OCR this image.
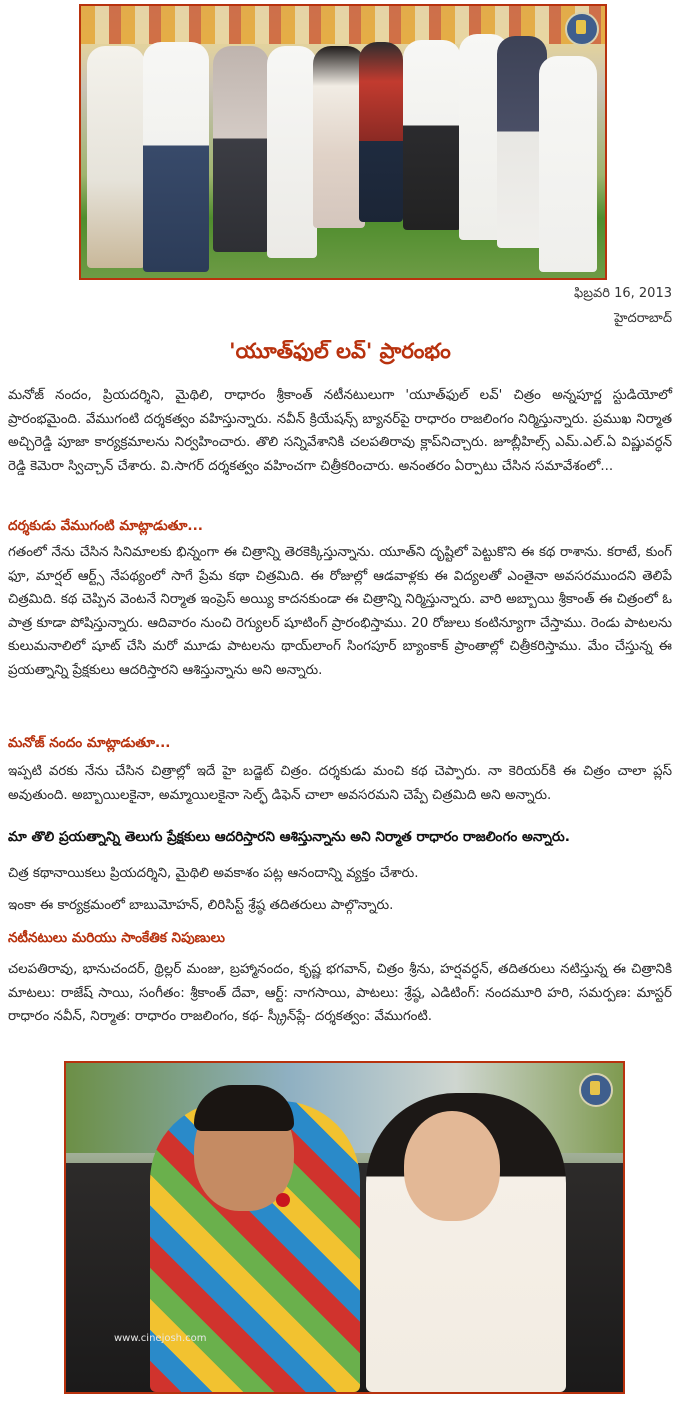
ఫిబ్రవరి 16, 2013
హైదరాబాద్
'యూత్‌ఫుల్ లవ్' ప్రారంభం

మనోజ్ నందం, ప్రియదర్శిని, మైథిలి, రాధారం శ్రీకాంత్ నటీనటులుగా 'యూత్‌ఫుల్ లవ్' చిత్రం అన్నపూర్ణ స్టుడియోలో ప్రారంభమైంది. వేముగంటి దర్శకత్వం వహిస్తున్నారు. నవీన్ క్రియేషన్స్ బ్యానర్‌పై రాధారం రాజలింగం నిర్మిస్తున్నారు. ప్రముఖ నిర్మాత అచ్చిరెడ్డి పూజా కార్యక్రమాలను నిర్వహించారు. తొలి సన్నివేశానికి చలపతిరావు క్లాప్‌నిచ్చారు. జూబ్లీహిల్స్ ఎమ్.ఎల్.ఏ విష్ణువర్ధన్ రెడ్డి కెమెరా స్విచ్చాన్ చేశారు. వి.సాగర్ దర్శకత్వం వహించగా చిత్రీకరించారు. అనంతరం ఏర్పాటు చేసిన సమావేశంలో...

దర్శకుడు వేముగంటి మాట్లాడుతూ...

గతంలో నేను చేసిన సినిమాలకు భిన్నంగా ఈ చిత్రాన్ని తెరకెక్కిస్తున్నాను. యూత్‌ని దృష్టిలో పెట్టుకొని ఈ కథ రాశాను. కరాటే, కుంగ్ ఫూ, మార్షల్ ఆర్ట్స్ నేపథ్యంలో సాగే ప్రేమ కథా చిత్రమిది. ఈ రోజుల్లో ఆడవాళ్లకు ఈ విద్యలతో ఎంతైనా అవసరముందని తెలిపే చిత్రమిది. కథ చెప్పిన వెంటనే నిర్మాత ఇంప్రెస్ అయ్యి కాదనకుండా ఈ చిత్రాన్ని నిర్మిస్తున్నారు. వారి అబ్బాయి శ్రీకాంత్ ఈ చిత్రంలో ఓ పాత్ర కూడా పోషిస్తున్నారు. ఆదివారం నుంచి రెగ్యులర్ షూటింగ్ ప్రారంభిస్తాము. 20 రోజులు కంటిన్యూగా చేస్తాము. రెండు పాటలను కులుమనాలిలో షూట్ చేసి మరో మూడు పాటలను థాయ్‌లాంగ్ సింగపూర్ బ్యాంకాక్ ప్రాంతాల్లో చిత్రీకరిస్తాము. మేం చేస్తున్న ఈ ప్రయత్నాన్ని ప్రేక్షకులు ఆదరిస్తారని ఆశిస్తున్నాను అని అన్నారు.

మనోజ్ నందం మాట్లాడుతూ...

ఇప్పటి వరకు నేను చేసిన చిత్రాల్లో ఇదే హై బడ్జెట్ చిత్రం. దర్శకుడు మంచి కథ చెప్పారు. నా కెరియర్‌కి ఈ చిత్రం చాలా ప్లస్ అవుతుంది. అబ్బాయిలకైనా, అమ్మాయిలకైనా సెల్ఫ్ డిఫెన్ చాలా అవసరమని చెప్పే చిత్రమిది అని అన్నారు.

మా తొలి ప్రయత్నాన్ని తెలుగు ప్రేక్షకులు ఆదరిస్తారని ఆశిస్తున్నాను అని నిర్మాత రాధారం రాజలింగం అన్నారు.

చిత్ర కథానాయికలు ప్రియదర్శిని, మైథిలి అవకాశం పట్ల ఆనందాన్ని వ్యక్తం చేశారు.

ఇంకా ఈ కార్యక్రమంలో బాబుమోహన్, లిరిసిస్ట్ శ్రేష్ఠ తదితరులు పాల్గొన్నారు.

నటీనటులు మరియు సాంకేతిక నిపుణులు

చలపతిరావు, భానుచందర్, థ్రిల్లర్ మంజు, బ్రహ్మానందం, కృష్ణ భగవాన్, చిత్రం శ్రీను, హర్షవర్ధన్, తదితరులు నటిస్తున్న ఈ చిత్రానికి మాటలు: రాజేష్ సాయి, సంగీతం: శ్రీకాంత్ దేవా, ఆర్ట్: నాగసాయి, పాటలు: శ్రేష్ఠ, ఎడిటింగ్: నందమూరి హరి, సమర్పణ: మాస్టర్ రాధారం నవీన్, నిర్మాత: రాధారం రాజలింగం, కథ- స్క్రీన్‌ప్లే- దర్శకత్వం: వేముగంటి.

www.cinejosh.com
